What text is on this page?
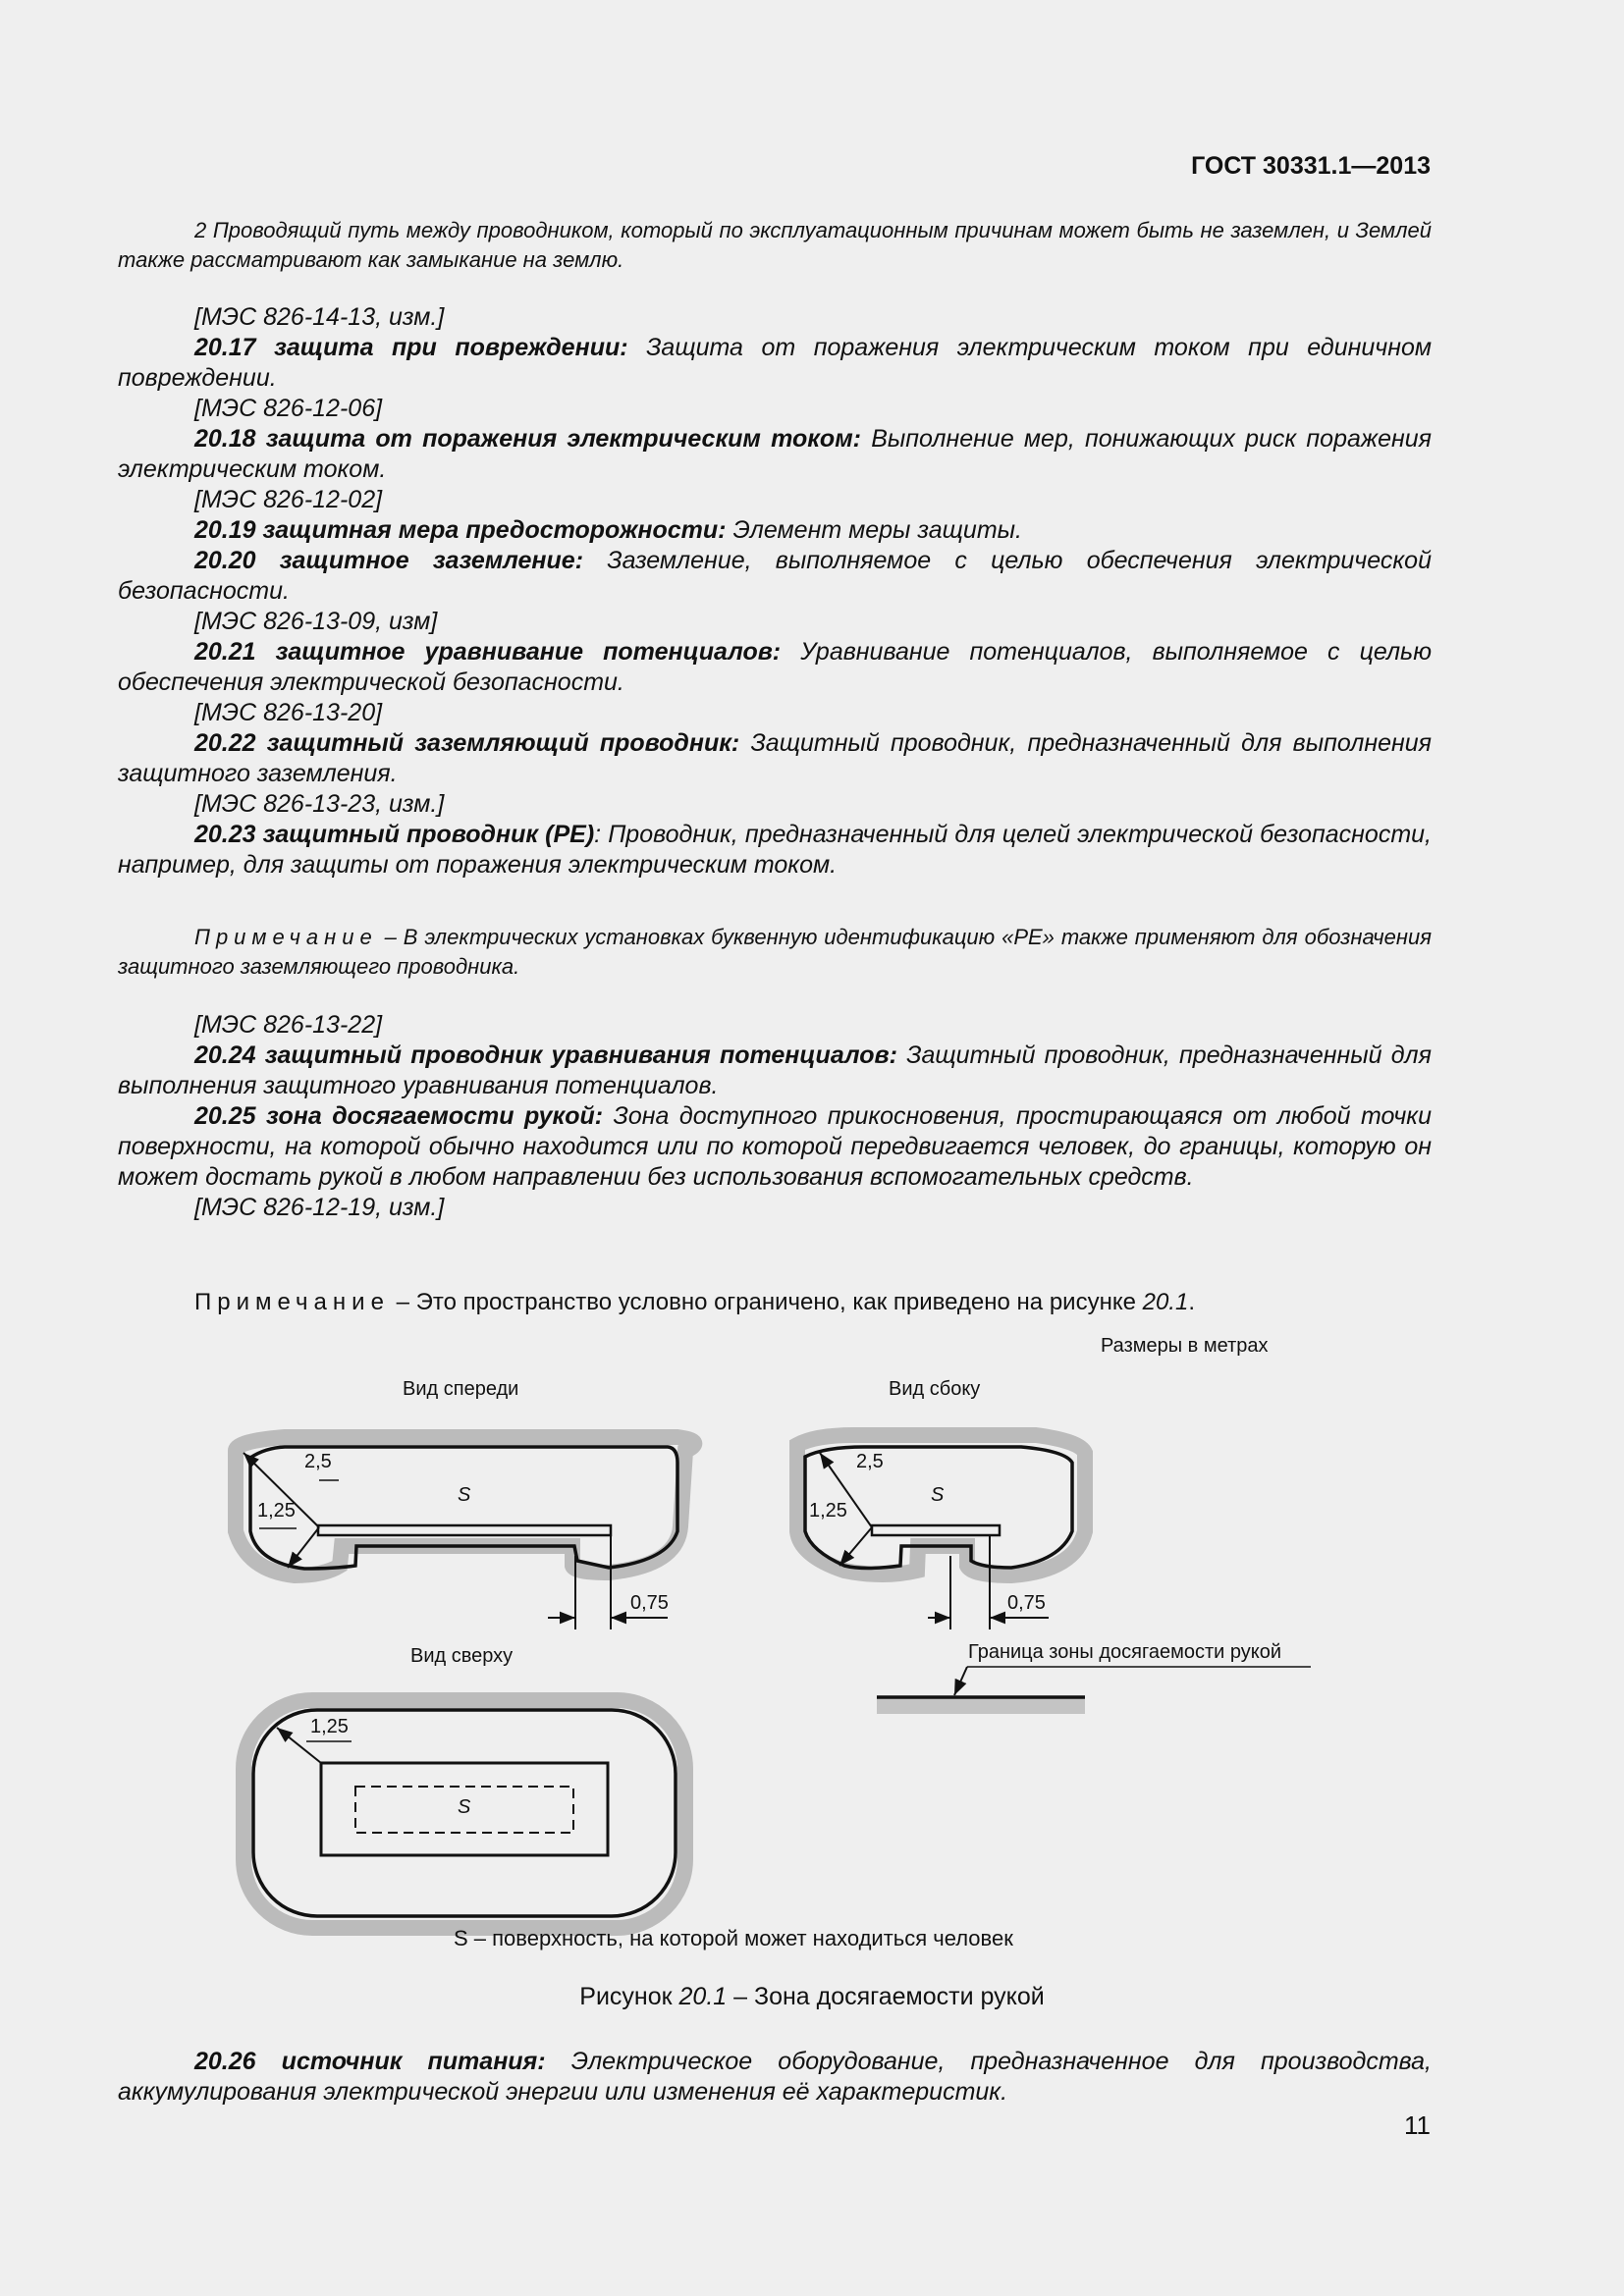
ГОСТ 30331.1—2013

2 Проводящий путь между проводником, который по эксплуатационным причинам может быть не заземлен, и Землей также рассматривают как замыкание на землю.

[МЭС 826-14-13, изм.]

20.17 защита при повреждении: Защита от поражения электрическим током при единичном повреждении.

[МЭС 826-12-06]

20.18 защита от поражения электрическим током: Выполнение мер, понижающих риск поражения электрическим током.

[МЭС 826-12-02]

20.19 защитная мера предосторожности: Элемент меры защиты.

20.20 защитное заземление: Заземление, выполняемое с целью обеспечения электрической безопасности.

[МЭС 826-13-09, изм]

20.21 защитное уравнивание потенциалов: Уравнивание потенциалов, выполняемое с целью обеспечения электрической безопасности.

[МЭС 826-13-20]

20.22 защитный заземляющий проводник: Защитный проводник, предназначенный для выполнения защитного заземления.

[МЭС 826-13-23, изм.]

20.23 защитный проводник (PE): Проводник, предназначенный для целей электрической безопасности, например, для защиты от поражения электрическим током.

Примечание – В электрических установках буквенную идентификацию «PE» также применяют для обозначения защитного заземляющего проводника.

[МЭС 826-13-22]

20.24 защитный проводник уравнивания потенциалов: Защитный проводник, предназначенный для выполнения защитного уравнивания потенциалов.

20.25 зона досягаемости рукой: Зона доступного прикосновения, простирающаяся от любой точки поверхности, на которой обычно находится или по которой передвигается человек, до границы, которую он может достать рукой в любом направлении без использования вспомогательных средств.

[МЭС 826-12-19, изм.]

Примечание – Это пространство условно ограничено, как приведено на рисунке 20.1.

Размеры в метрах
Вид спереди	Вид сбоку
Вид сверху
2,5
1,25
S
0,75
2,5
1,25
S
0,75
Граница зоны досягаемости рукой
1,25
S
S – поверхность, на которой может находиться человек
Рисунок 20.1 – Зона досягаемости рукой

20.26 источник питания: Электрическое оборудование, предназначенное для производства, аккумулирования электрической энергии или изменения её характеристик.

11
